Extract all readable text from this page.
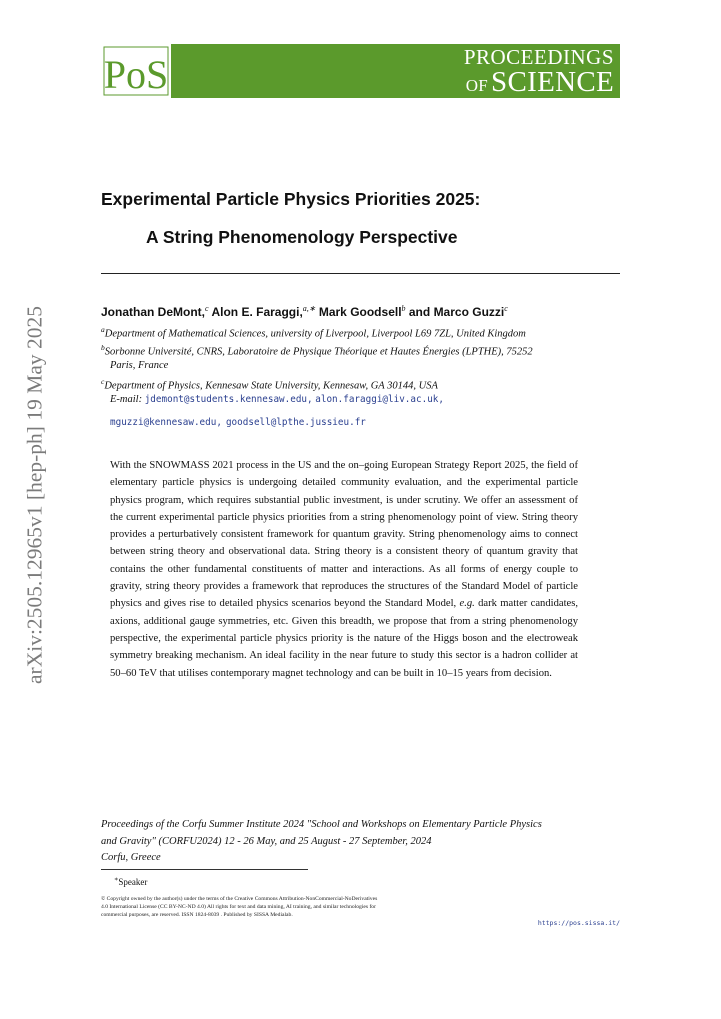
PoS	PROCEEDINGS
OF SCIENCE
arXiv:2505.12965v1 [hep-ph] 19 May 2025
Experimental Particle Physics Priorities 2025:
A String Phenomenology Perspective
Jonathan DeMont,$^c$ Alon E. Faraggi,$^{a,∗}$ Mark Goodsell$^b$ and Marco Guzzi$^c$
$^a$Department of Mathematical Sciences, university of Liverpool, Liverpool L69 7ZL, United Kingdom
$^b$Sorbonne Université, CNRS, Laboratoire de Physique Théorique et Hautes Énergies (LPTHE), 75252
Paris, France
$^c$Department of Physics, Kennesaw State University, Kennesaw, GA 30144, USA
E-mail: jdemont@students.kennesaw.edu, alon.faraggi@liv.ac.uk,
mguzzi@kennesaw.edu, goodsell@lpthe.jussieu.fr

With the SNOWMASS 2021 process in the US and the on–going European Strategy Report 2025, the field of elementary particle physics is undergoing detailed community evaluation, and the experimental particle physics program, which requires substantial public investment, is under scrutiny. We offer an assessment of the current experimental particle physics priorities from a string phenomenology point of view. String theory provides a perturbatively consistent framework for quantum gravity. String phenomenology aims to connect between string theory and observational data. String theory is a consistent theory of quantum gravity that contains the other fundamental constituents of matter and interactions. As all forms of energy couple to gravity, string theory provides a framework that reproduces the structures of the Standard Model of particle physics and gives rise to detailed physics scenarios beyond the Standard Model, e.g. dark matter candidates, axions, additional gauge symmetries, etc. Given this breadth, we propose that from a string phenomenology perspective, the experimental particle physics priority is the nature of the Higgs boson and the electroweak symmetry breaking mechanism. An ideal facility in the near future to study this sector is a hadron collider at 50–60 TeV that utilises contemporary magnet technology and can be built in 10–15 years from decision.

Proceedings of the Corfu Summer Institute 2024 "School and Workshops on Elementary Particle Physics
and Gravity" (CORFU2024) 12 - 26 May, and 25 August - 27 September, 2024
Corfu, Greece
∗Speaker
© Copyright owned by the author(s) under the terms of the Creative Commons Attribution-NonCommercial-NoDerivatives
4.0 International License (CC BY-NC-ND 4.0) All rights for text and data mining, AI training, and similar technologies for
commercial purposes, are reserved. ISSN 1824-8039 . Published by SISSA Medialab.
https://pos.sissa.it/
